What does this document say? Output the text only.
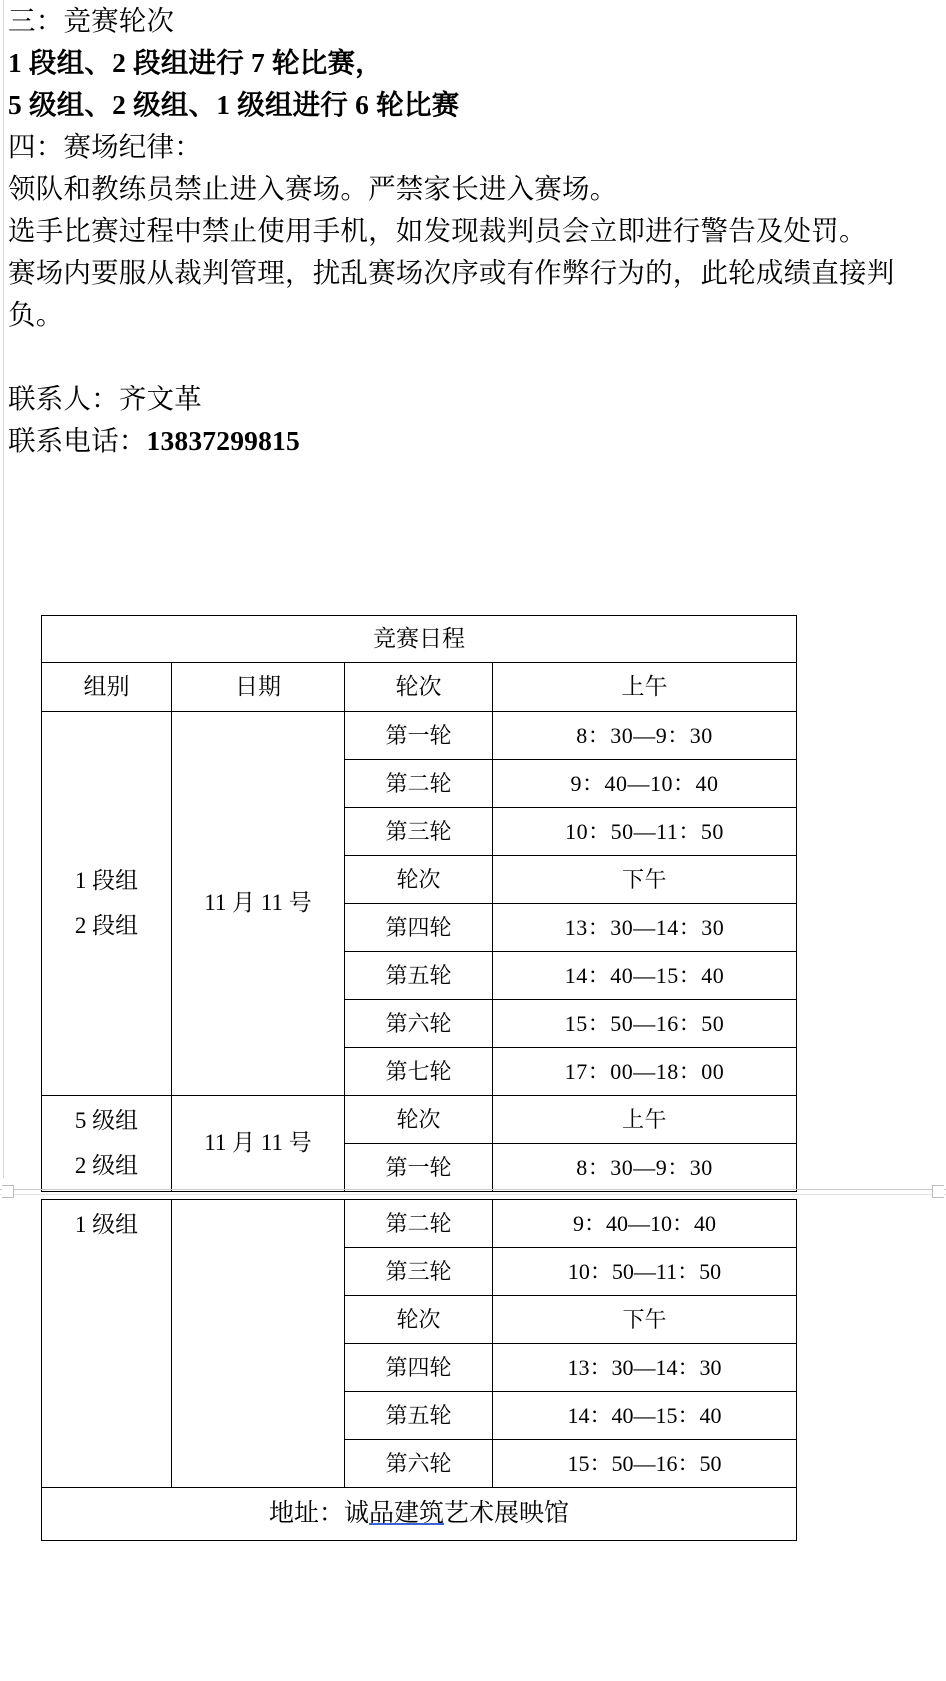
三：竞赛轮次
1 段组、2 段组进行 7 轮比赛，
5 级组、2 级组、1 级组进行 6 轮比赛
四：赛场纪律：
领队和教练员禁止进入赛场。严禁家长进入赛场。
选手比赛过程中禁止使用手机，如发现裁判员会立即进行警告及处罚。
赛场内要服从裁判管理，扰乱赛场次序或有作弊行为的，此轮成绩直接判负。
联系人：齐文革
联系电话：13837299815
竞赛日程			
组别	日期	轮次	上午

1 段组
2 段组	11 月 11 号	第一轮	8：30—9：30
		第二轮	9：40—10：40
		第三轮	10：50—11：50
		轮次	下午
		第四轮	13：30—14：30
		第五轮	14：40—15：40
		第六轮	15：50—16：50
		第七轮	17：00—18：00

5 级组
2 级组	11 月 11 号	轮次	上午
		第一轮	8：30—9：30
1 级组		第二轮	9：40—10：40
		第三轮	10：50—11：50
		轮次	下午
		第四轮	13：30—14：30
		第五轮	14：40—15：40
		第六轮	15：50—16：50
地址：诚品建筑艺术展映馆			
